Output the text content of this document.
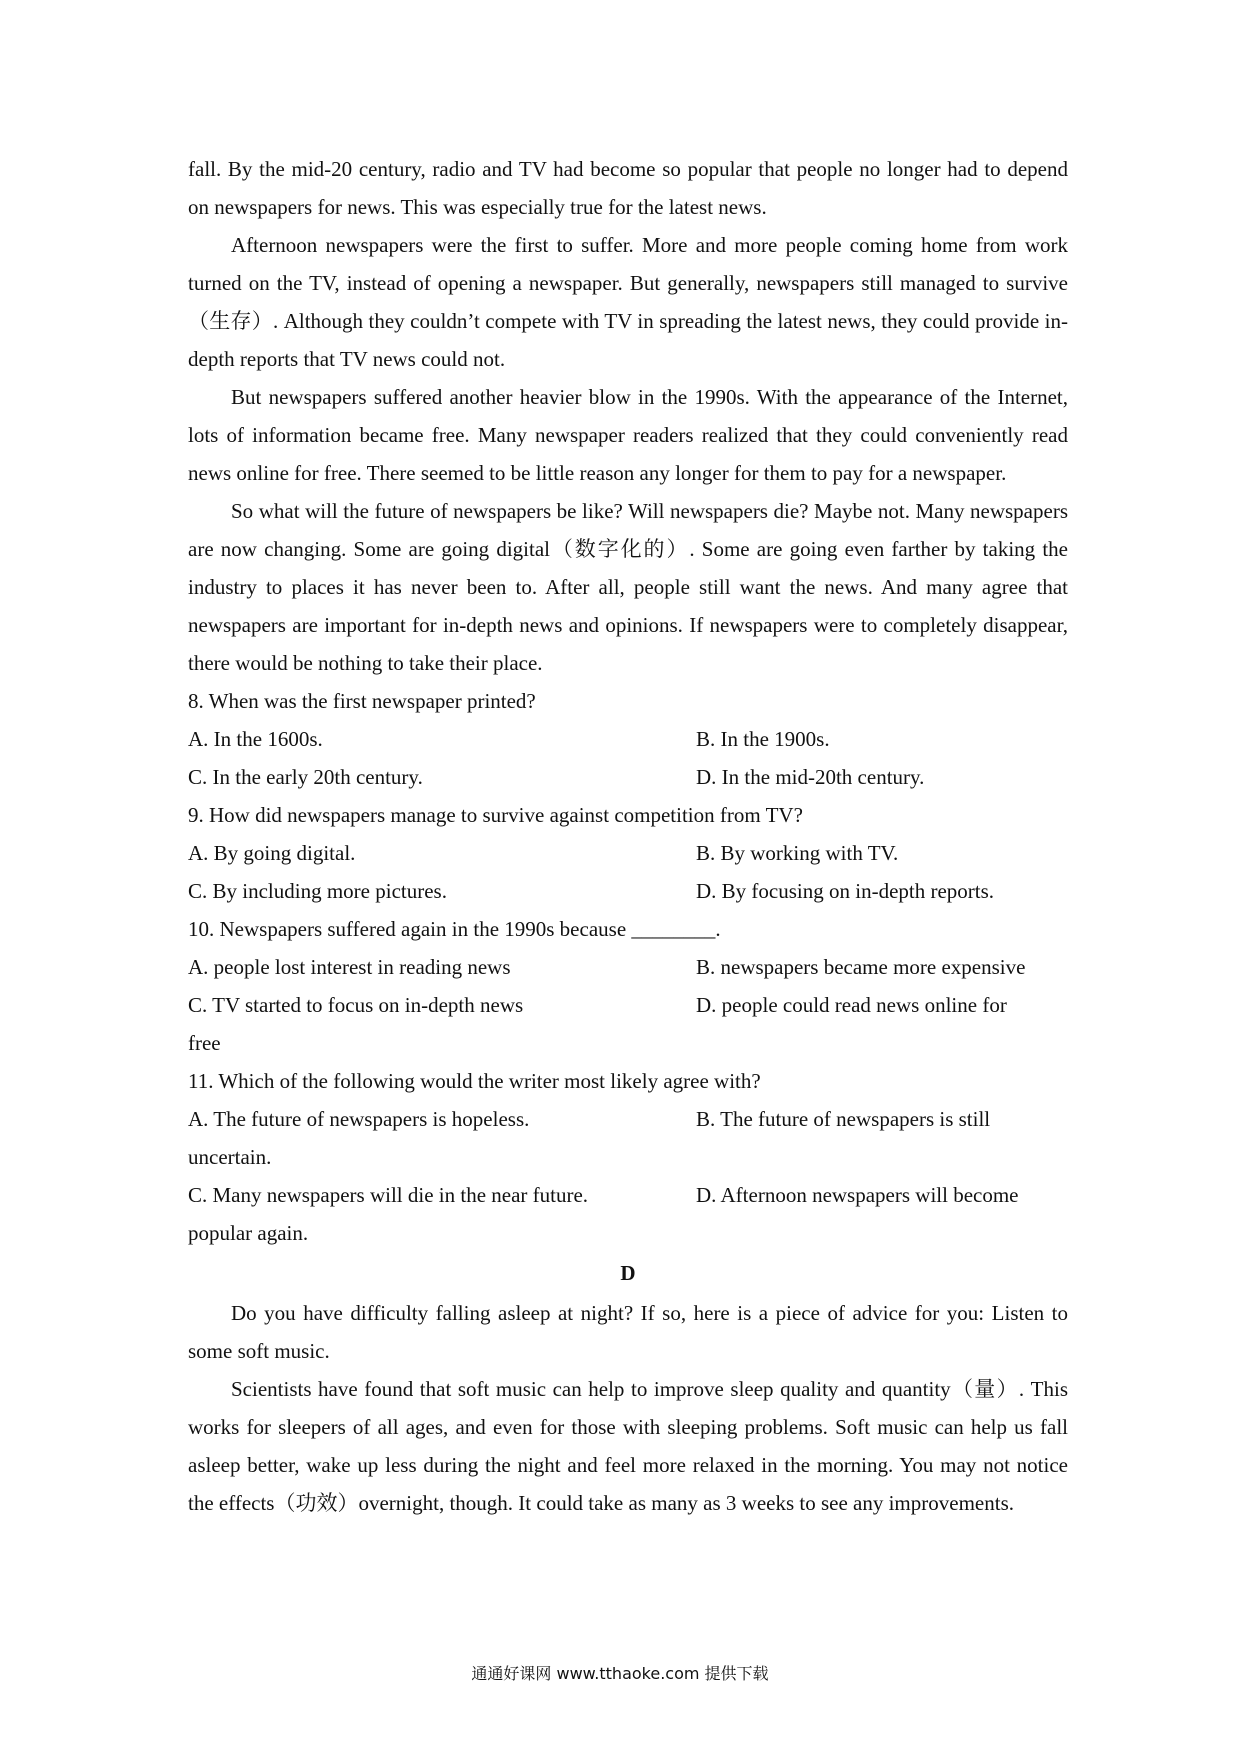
fall. By the mid-20 century, radio and TV had become so popular that people no longer had to depend on newspapers for news. This was especially true for the latest news.

Afternoon newspapers were the first to suffer. More and more people coming home from work turned on the TV, instead of opening a newspaper. But generally, newspapers still managed to survive（生存）. Although they couldn’t compete with TV in spreading the latest news, they could provide in-depth reports that TV news could not.

But newspapers suffered another heavier blow in the 1990s. With the appearance of the Internet, lots of information became free. Many newspaper readers realized that they could conveniently read news online for free. There seemed to be little reason any longer for them to pay for a newspaper.

So what will the future of newspapers be like? Will newspapers die? Maybe not. Many newspapers are now changing. Some are going digital（数字化的）. Some are going even farther by taking the industry to places it has never been to. After all, people still want the news. And many agree that newspapers are important for in-depth news and opinions. If newspapers were to completely disappear, there would be nothing to take their place.

8. When was the first newspaper printed?
A. In the 1600s.	B. In the 1900s.
C. In the early 20th century.	D. In the mid-20th century.
9. How did newspapers manage to survive against competition from TV?
A. By going digital.	B. By working with TV.
C. By including more pictures.	D. By focusing on in-depth reports.
10. Newspapers suffered again in the 1990s because ________.
A. people lost interest in reading news	B. newspapers became more expensive
C. TV started to focus on in-depth news	D. people could read news online for
free
11. Which of the following would the writer most likely agree with?
A. The future of newspapers is hopeless.	B. The future of newspapers is still
uncertain.
C. Many newspapers will die in the near future.	D. Afternoon newspapers will become
popular again.
D

Do you have difficulty falling asleep at night? If so, here is a piece of advice for you: Listen to some soft music.

Scientists have found that soft music can help to improve sleep quality and quantity（量）. This works for sleepers of all ages, and even for those with sleeping problems. Soft music can help us fall asleep better, wake up less during the night and feel more relaxed in the morning. You may not notice the effects（功效）overnight, though. It could take as many as 3 weeks to see any improvements.

通通好课网 www.tthaoke.com 提供下载
